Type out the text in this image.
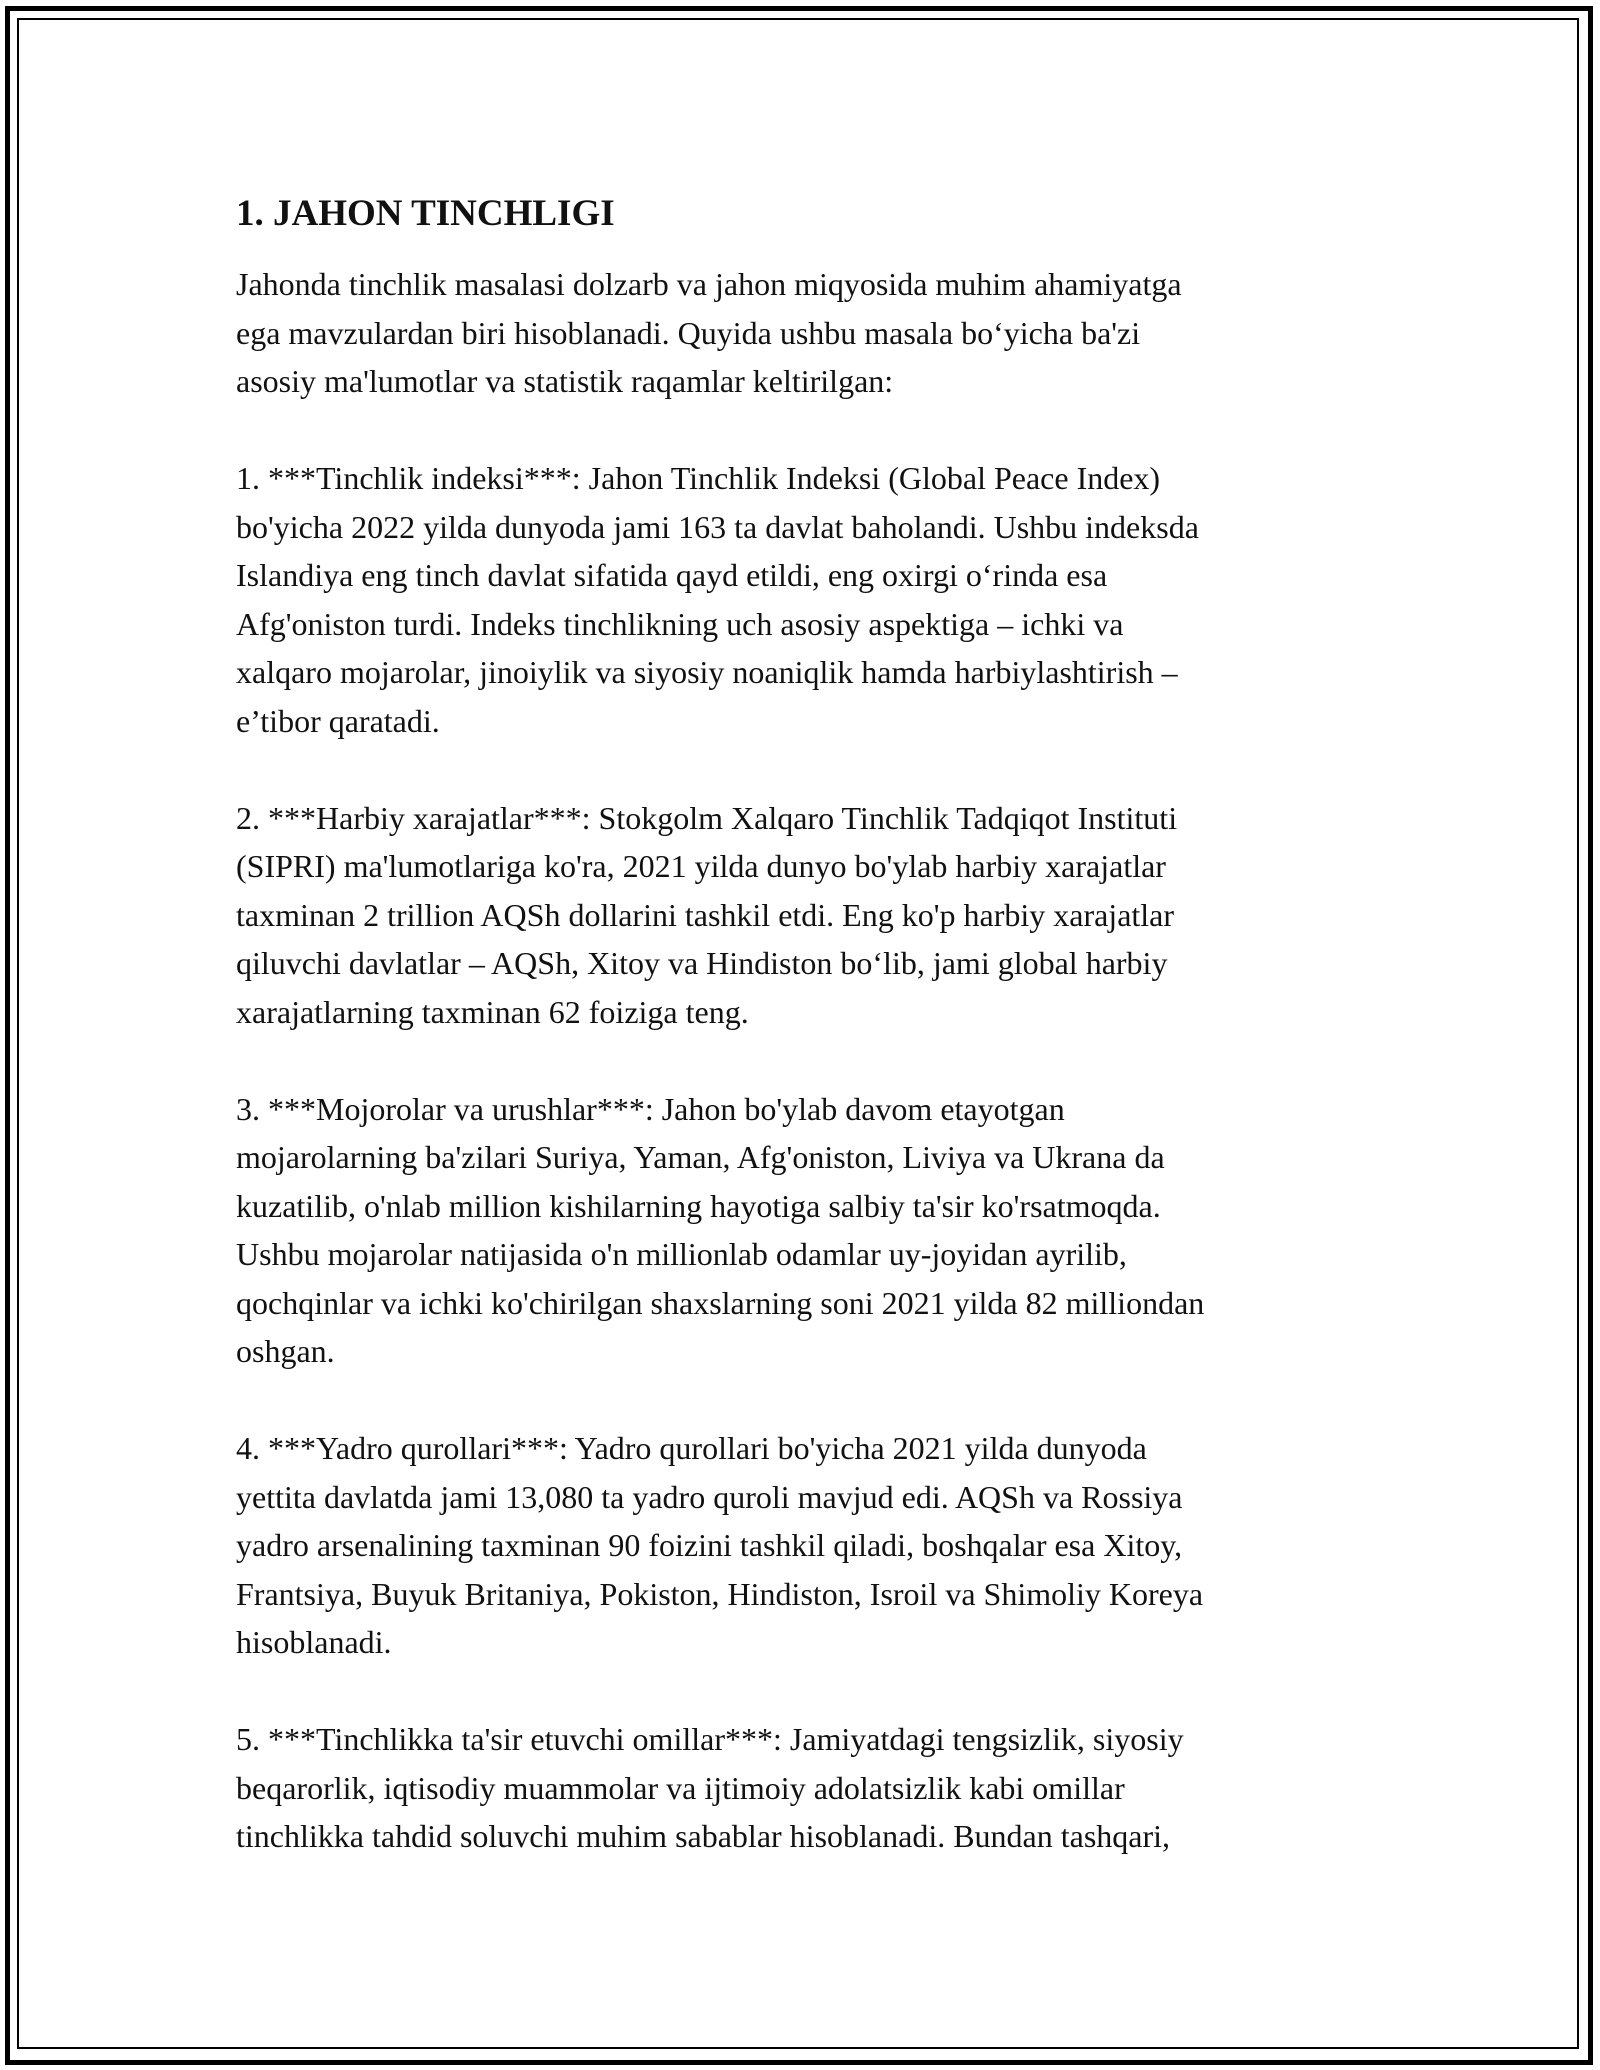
1. JAHON TINCHLIGI
Jahonda tinchlik masalasi dolzarb va jahon miqyosida muhim ahamiyatga
ega mavzulardan biri hisoblanadi. Quyida ushbu masala bo‘yicha ba'zi
asosiy ma'lumotlar va statistik raqamlar keltirilgan:
1. ***Tinchlik indeksi***: Jahon Tinchlik Indeksi (Global Peace Index)
bo'yicha 2022 yilda dunyoda jami 163 ta davlat baholandi. Ushbu indeksda
Islandiya eng tinch davlat sifatida qayd etildi, eng oxirgi o‘rinda esa
Afg'oniston turdi. Indeks tinchlikning uch asosiy aspektiga – ichki va
xalqaro mojarolar, jinoiylik va siyosiy noaniqlik hamda harbiylashtirish –
e’tibor qaratadi.
2. ***Harbiy xarajatlar***: Stokgolm Xalqaro Tinchlik Tadqiqot Instituti
(SIPRI) ma'lumotlariga ko'ra, 2021 yilda dunyo bo'ylab harbiy xarajatlar
taxminan 2 trillion AQSh dollarini tashkil etdi. Eng ko'p harbiy xarajatlar
qiluvchi davlatlar – AQSh, Xitoy va Hindiston bo‘lib, jami global harbiy
xarajatlarning taxminan 62 foiziga teng.
3. ***Mojorolar va urushlar***: Jahon bo'ylab davom etayotgan
mojarolarning ba'zilari Suriya, Yaman, Afg'oniston, Liviya va Ukrana da
kuzatilib, o'nlab million kishilarning hayotiga salbiy ta'sir ko'rsatmoqda.
Ushbu mojarolar natijasida o'n millionlab odamlar uy-joyidan ayrilib,
qochqinlar va ichki ko'chirilgan shaxslarning soni 2021 yilda 82 milliondan
oshgan.
4. ***Yadro qurollari***: Yadro qurollari bo'yicha 2021 yilda dunyoda
yettita davlatda jami 13,080 ta yadro quroli mavjud edi. AQSh va Rossiya
yadro arsenalining taxminan 90 foizini tashkil qiladi, boshqalar esa Xitoy,
Frantsiya, Buyuk Britaniya, Pokiston, Hindiston, Isroil va Shimoliy Koreya
hisoblanadi.
5. ***Tinchlikka ta'sir etuvchi omillar***: Jamiyatdagi tengsizlik, siyosiy
beqarorlik, iqtisodiy muammolar va ijtimoiy adolatsizlik kabi omillar
tinchlikka tahdid soluvchi muhim sabablar hisoblanadi. Bundan tashqari,
